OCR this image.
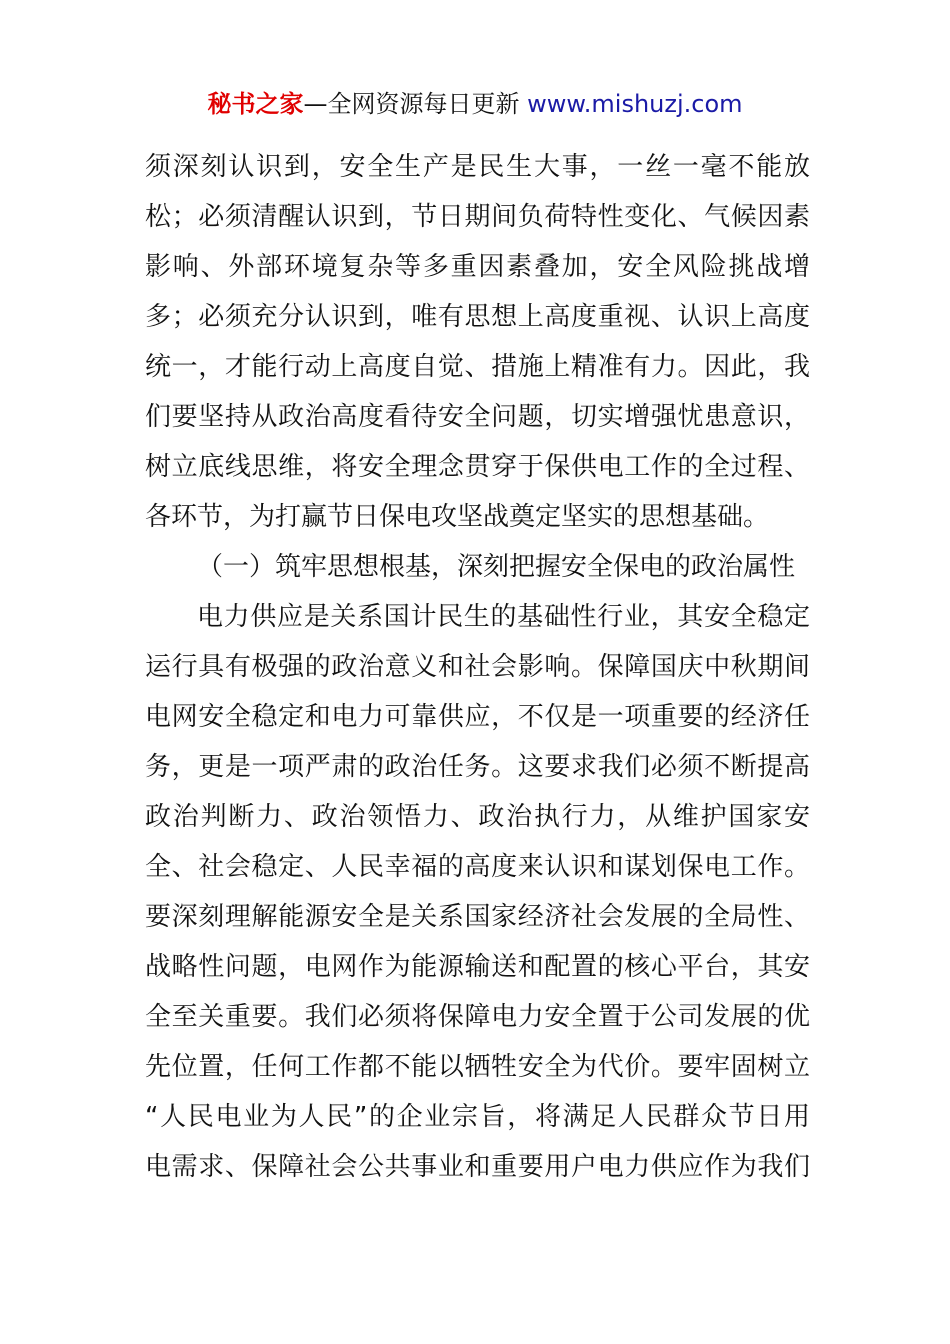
秘书之家—全网资源每日更新 www.mishuzj.com
须深刻认识到，安全生产是民生大事，一丝一毫不能放
松；必须清醒认识到，节日期间负荷特性变化、气候因素
影响、外部环境复杂等多重因素叠加，安全风险挑战增
多；必须充分认识到，唯有思想上高度重视、认识上高度
统一，才能行动上高度自觉、措施上精准有力。因此，我
们要坚持从政治高度看待安全问题，切实增强忧患意识，
树立底线思维，将安全理念贯穿于保供电工作的全过程、
各环节，为打赢节日保电攻坚战奠定坚实的思想基础。
（一）筑牢思想根基，深刻把握安全保电的政治属性
电力供应是关系国计民生的基础性行业，其安全稳定
运行具有极强的政治意义和社会影响。保障国庆中秋期间
电网安全稳定和电力可靠供应，不仅是一项重要的经济任
务，更是一项严肃的政治任务。这要求我们必须不断提高
政治判断力、政治领悟力、政治执行力，从维护国家安
全、社会稳定、人民幸福的高度来认识和谋划保电工作。
要深刻理解能源安全是关系国家经济社会发展的全局性、
战略性问题，电网作为能源输送和配置的核心平台，其安
全至关重要。我们必须将保障电力安全置于公司发展的优
先位置，任何工作都不能以牺牲安全为代价。要牢固树立
“人民电业为人民”的企业宗旨，将满足人民群众节日用
电需求、保障社会公共事业和重要用户电力供应作为我们
